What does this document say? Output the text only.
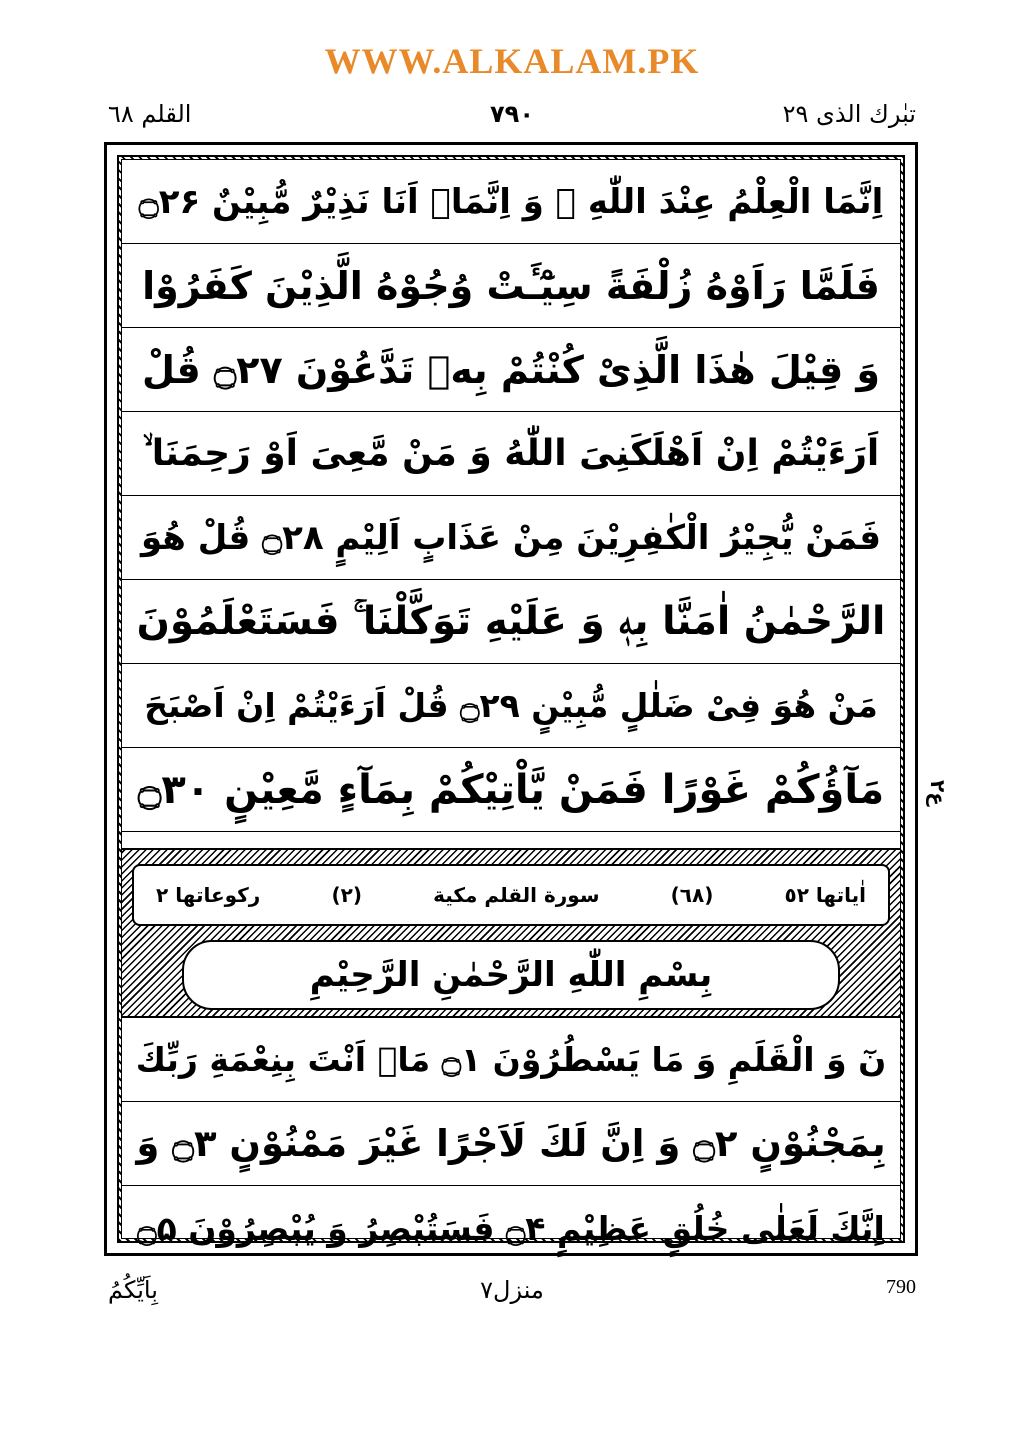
WWW.ALKALAM.PK
القلم ٦٨	٧٩٠	تبٰرك الذى ٢٩
اِنَّمَا الْعِلْمُ عِنْدَ اللّٰهِ ۪ وَ اِنَّمَاۤ اَنَا نَذِیْرٌ مُّبِیْنٌ ۝۲۶
فَلَمَّا رَاَوْهُ زُلْفَةً سِیْٓـَٔتْ وُجُوْهُ الَّذِیْنَ كَفَرُوْا
وَ قِیْلَ هٰذَا الَّذِیْ كُنْتُمْ بِهٖ تَدَّعُوْنَ ۝۲۷ قُلْ
اَرَءَیْتُمْ اِنْ اَهْلَكَنِیَ اللّٰهُ وَ مَنْ مَّعِیَ اَوْ رَحِمَنَا ۙ
فَمَنْ یُّجِیْرُ الْكٰفِرِیْنَ مِنْ عَذَابٍ اَلِیْمٍ ۝۲۸ قُلْ هُوَ
الرَّحْمٰنُ اٰمَنَّا بِهٖ وَ عَلَیْهِ تَوَكَّلْنَا ۚ فَسَتَعْلَمُوْنَ
مَنْ هُوَ فِیْ ضَلٰلٍ مُّبِیْنٍ ۝۲۹ قُلْ اَرَءَیْتُمْ اِنْ اَصْبَحَ
مَآؤُكُمْ غَوْرًا فَمَنْ یَّاْتِیْكُمْ بِمَآءٍ مَّعِیْنٍ ۝۳۰
اٰیاتها ٥٢
(٦٨)
سورة القلم مكية
(٢)
ركوعاتها ٢
بِسْمِ اللّٰهِ الرَّحْمٰنِ الرَّحِیْمِ
نٓ وَ الْقَلَمِ وَ مَا یَسْطُرُوْنَ ۝۱ مَاۤ اَنْتَ بِنِعْمَةِ رَبِّكَ
بِمَجْنُوْنٍ ۝۲ وَ اِنَّ لَكَ لَاَجْرًا غَیْرَ مَمْنُوْنٍ ۝۳ وَ
اِنَّكَ لَعَلٰى خُلُقٍ عَظِیْمٍ ۝۴ فَسَتُبْصِرُ وَ یُبْصِرُوْنَ ۝۵
ع٢
بِاَیِّكُمُ	منزل٧	790
